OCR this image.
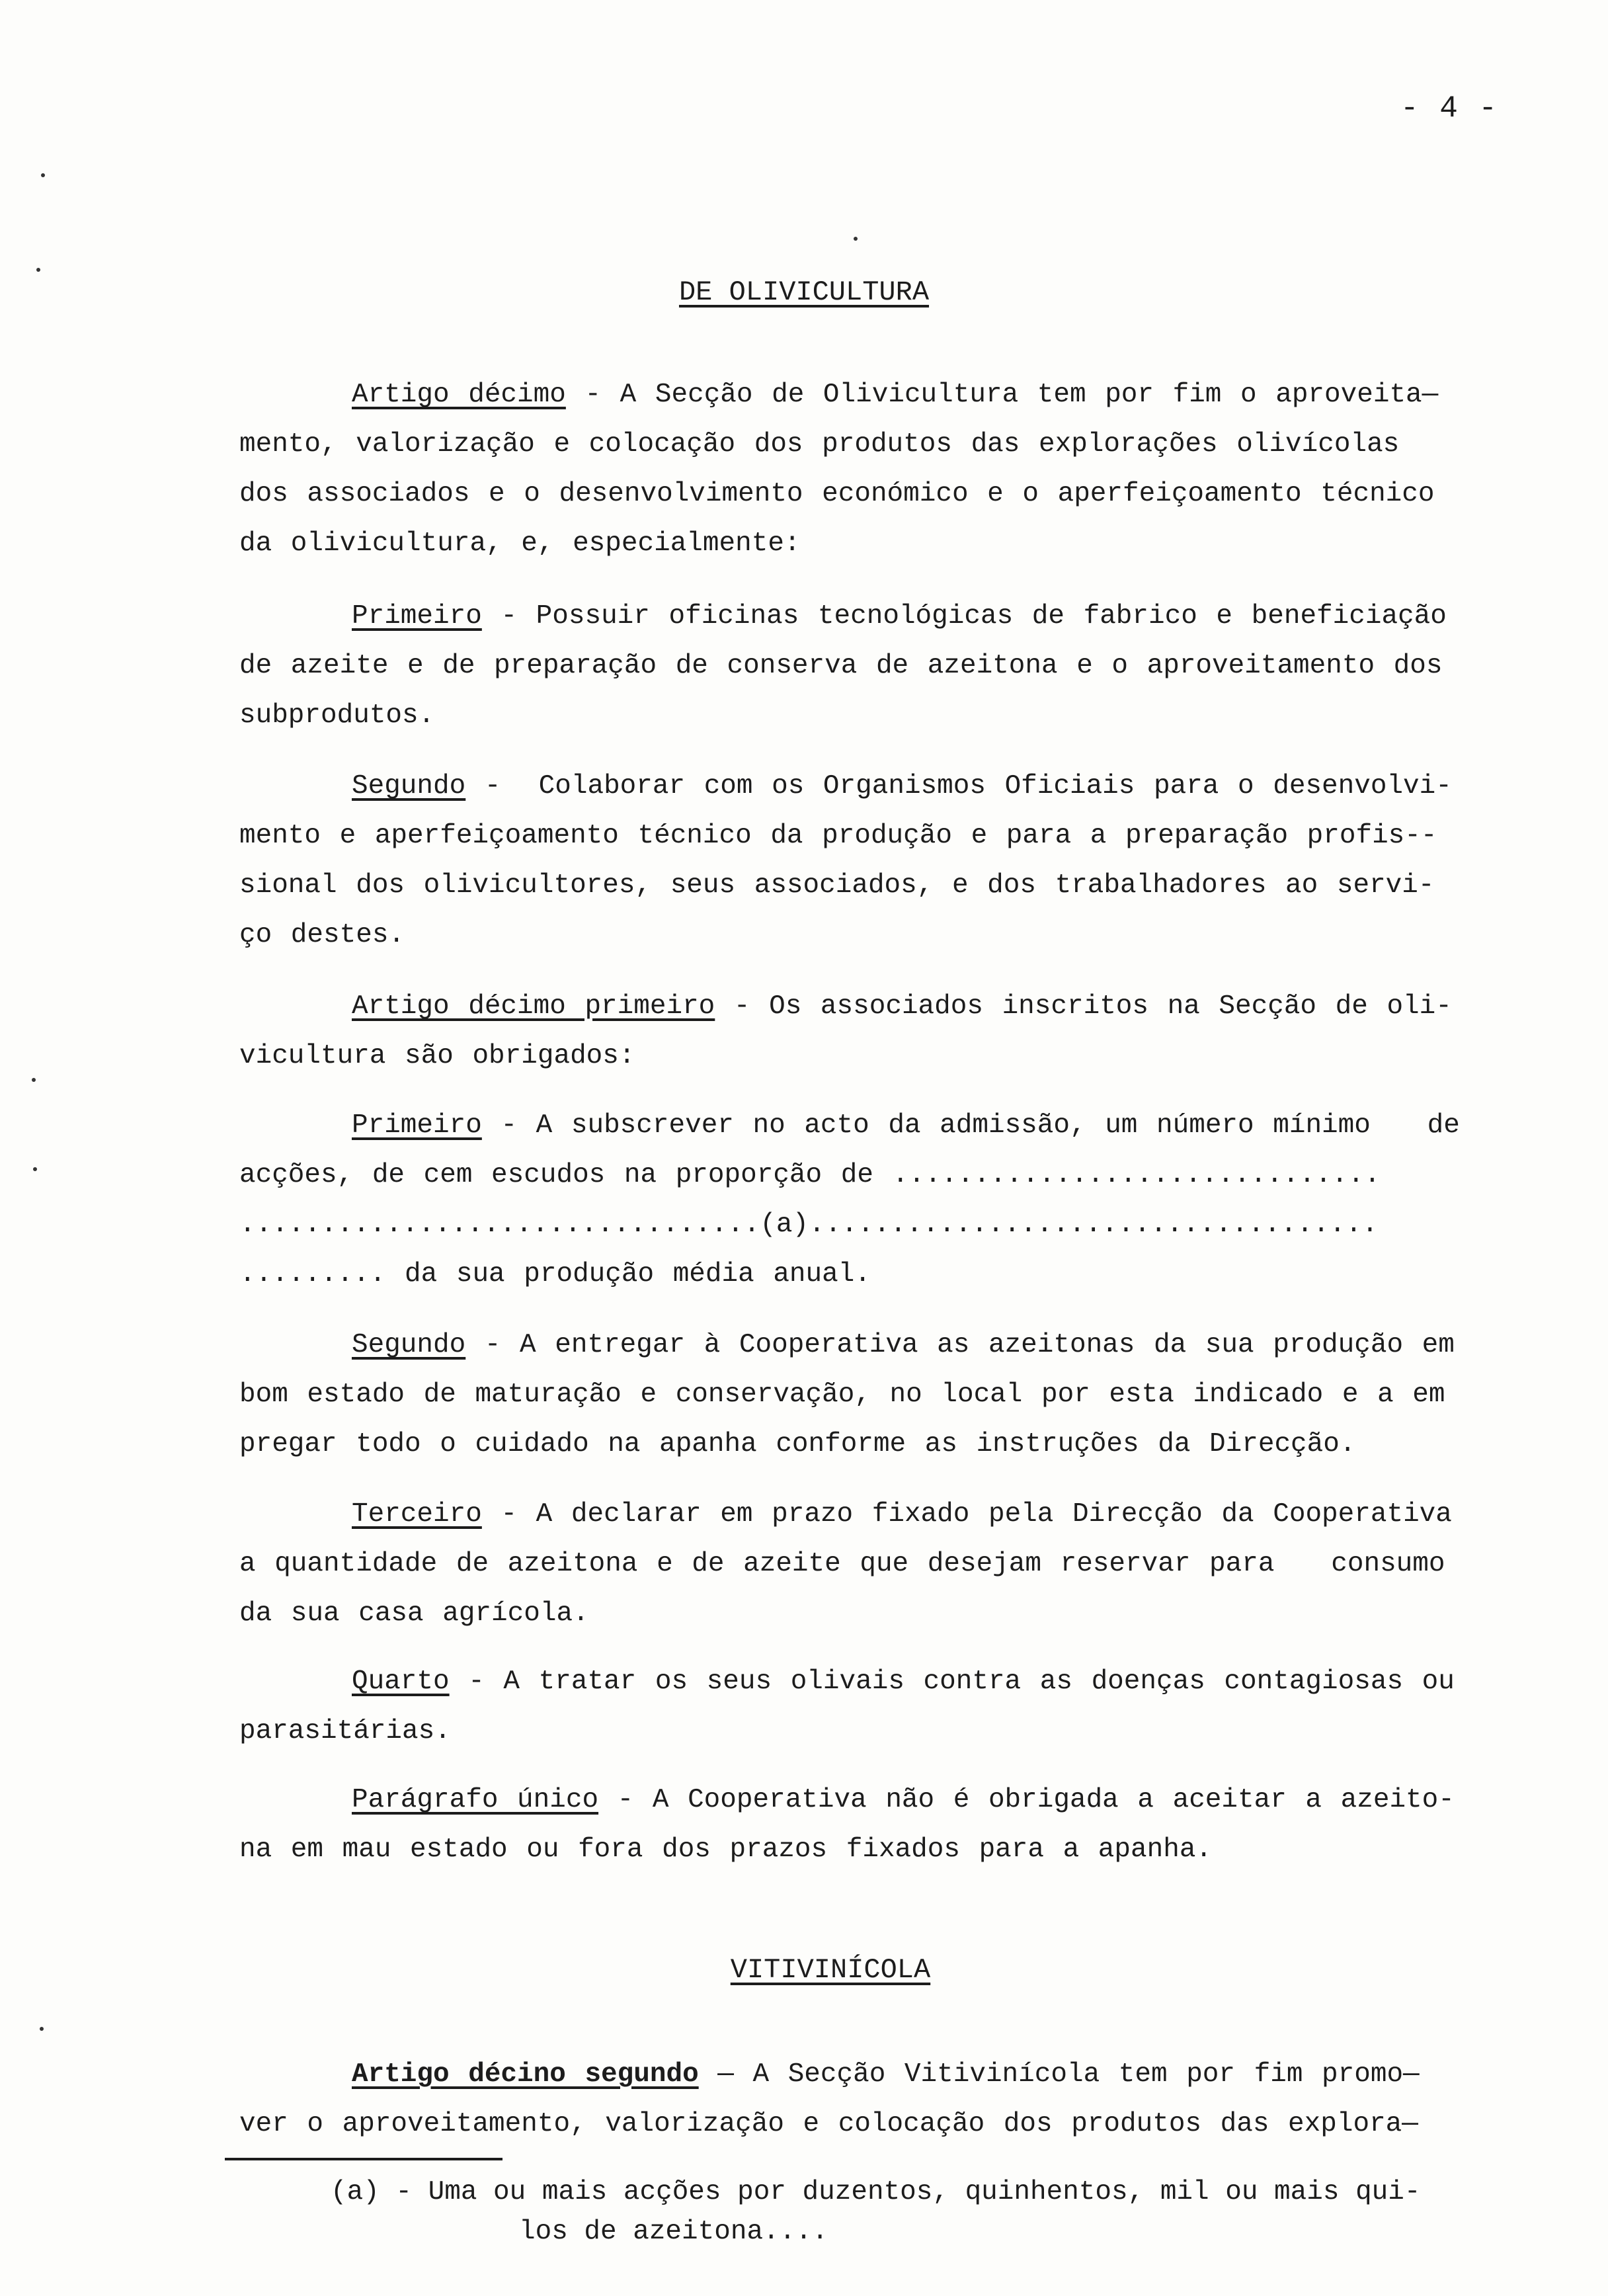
- 4 -
DE OLIVICULTURA
Artigo décimo - A Secção de Olivicultura tem por fim o aproveita—
mento, valorização e colocação dos produtos das explorações olivícolas
dos associados e o desenvolvimento económico e o aperfeiçoamento técnico
da olivicultura, e, especialmente:
Primeiro - Possuir oficinas tecnológicas de fabrico e beneficiação
de azeite e de preparação de conserva de azeitona e o aproveitamento dos
subprodutos.
Segundo -  Colaborar com os Organismos Oficiais para o desenvolvi-
mento e aperfeiçoamento técnico da produção e para a preparação profis--
sional dos olivicultores, seus associados, e dos trabalhadores ao servi-
ço destes.
Artigo décimo primeiro - Os associados inscritos na Secção de oli-
vicultura são obrigados:
Primeiro - A subscrever no acto da admissão, um número mínimo   de
acções, de cem escudos na proporção de ..............................
................................(a)...................................
......... da sua produção média anual.
Segundo - A entregar à Cooperativa as azeitonas da sua produção em
bom estado de maturação e conservação, no local por esta indicado e a em
pregar todo o cuidado na apanha conforme as instruções da Direcção.
Terceiro - A declarar em prazo fixado pela Direcção da Cooperativa
a quantidade de azeitona e de azeite que desejam reservar para   consumo
da sua casa agrícola.
Quarto - A tratar os seus olivais contra as doenças contagiosas ou
parasitárias.
Parágrafo único - A Cooperativa não é obrigada a aceitar a azeito-
na em mau estado ou fora dos prazos fixados para a apanha.
VITIVINÍCOLA
Artigo décino segundo — A Secção Vitivinícola tem por fim promo—
ver o aproveitamento, valorização e colocação dos produtos das explora—
(a) - Uma ou mais acções por duzentos, quinhentos, mil ou mais qui-
los de azeitona....
